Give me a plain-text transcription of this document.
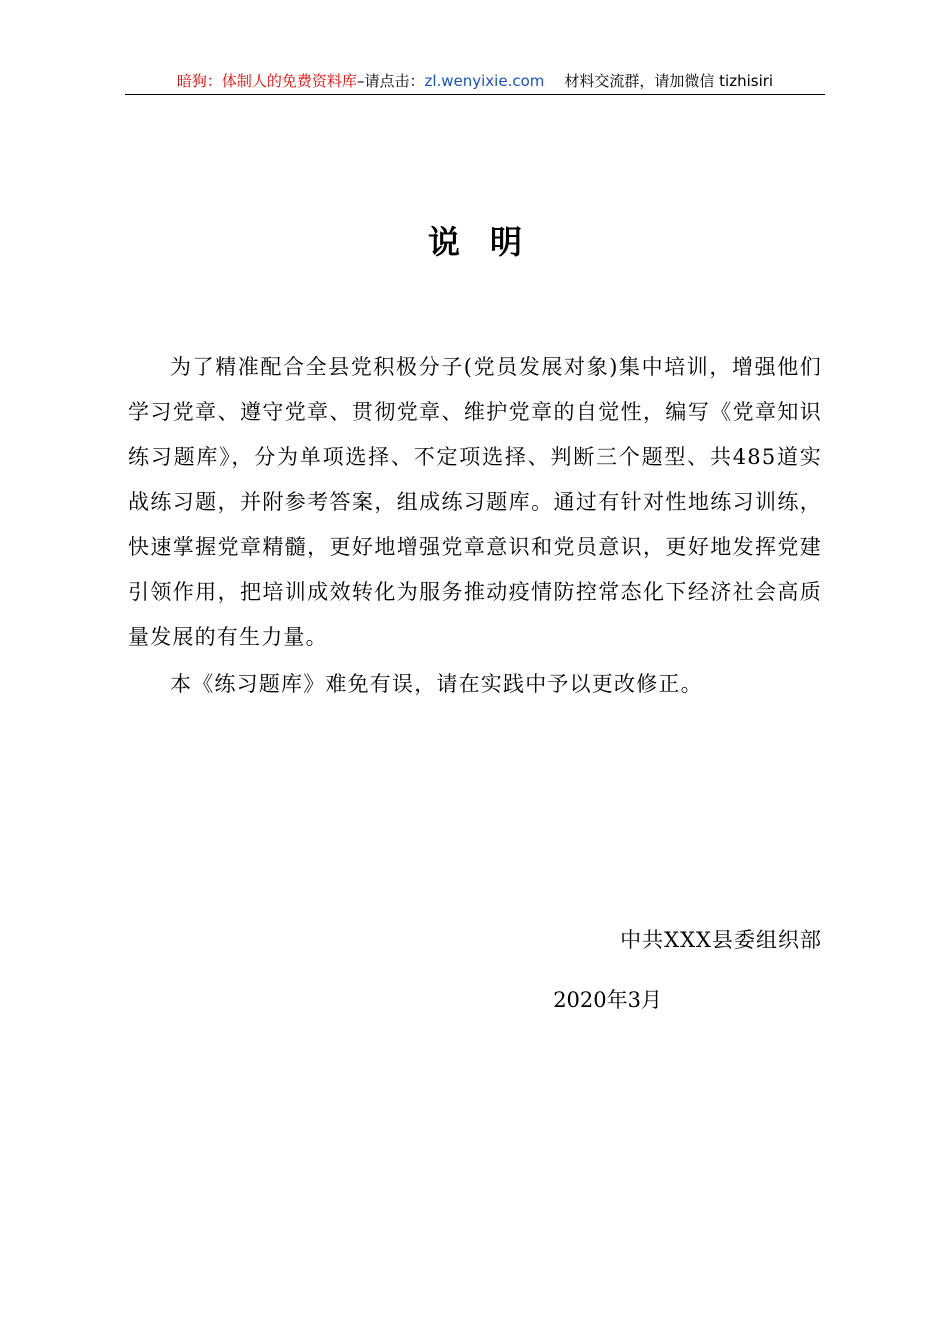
暗狗：体制人的免费资料库–请点击：zl.wenyixie.com 材料交流群，请加微信 tizhisiri
说明

为了精准配合全县党积极分子(党员发展对象)集中培训，增强他们学习党章、遵守党章、贯彻党章、维护党章的自觉性，编写《党章知识练习题库》，分为单项选择、不定项选择、判断三个题型、共485道实战练习题，并附参考答案，组成练习题库。通过有针对性地练习训练，快速掌握党章精髓，更好地增强党章意识和党员意识，更好地发挥党建引领作用，把培训成效转化为服务推动疫情防控常态化下经济社会高质量发展的有生力量。

本《练习题库》难免有误，请在实践中予以更改修正。

中共XXX县委组织部
2020年3月
